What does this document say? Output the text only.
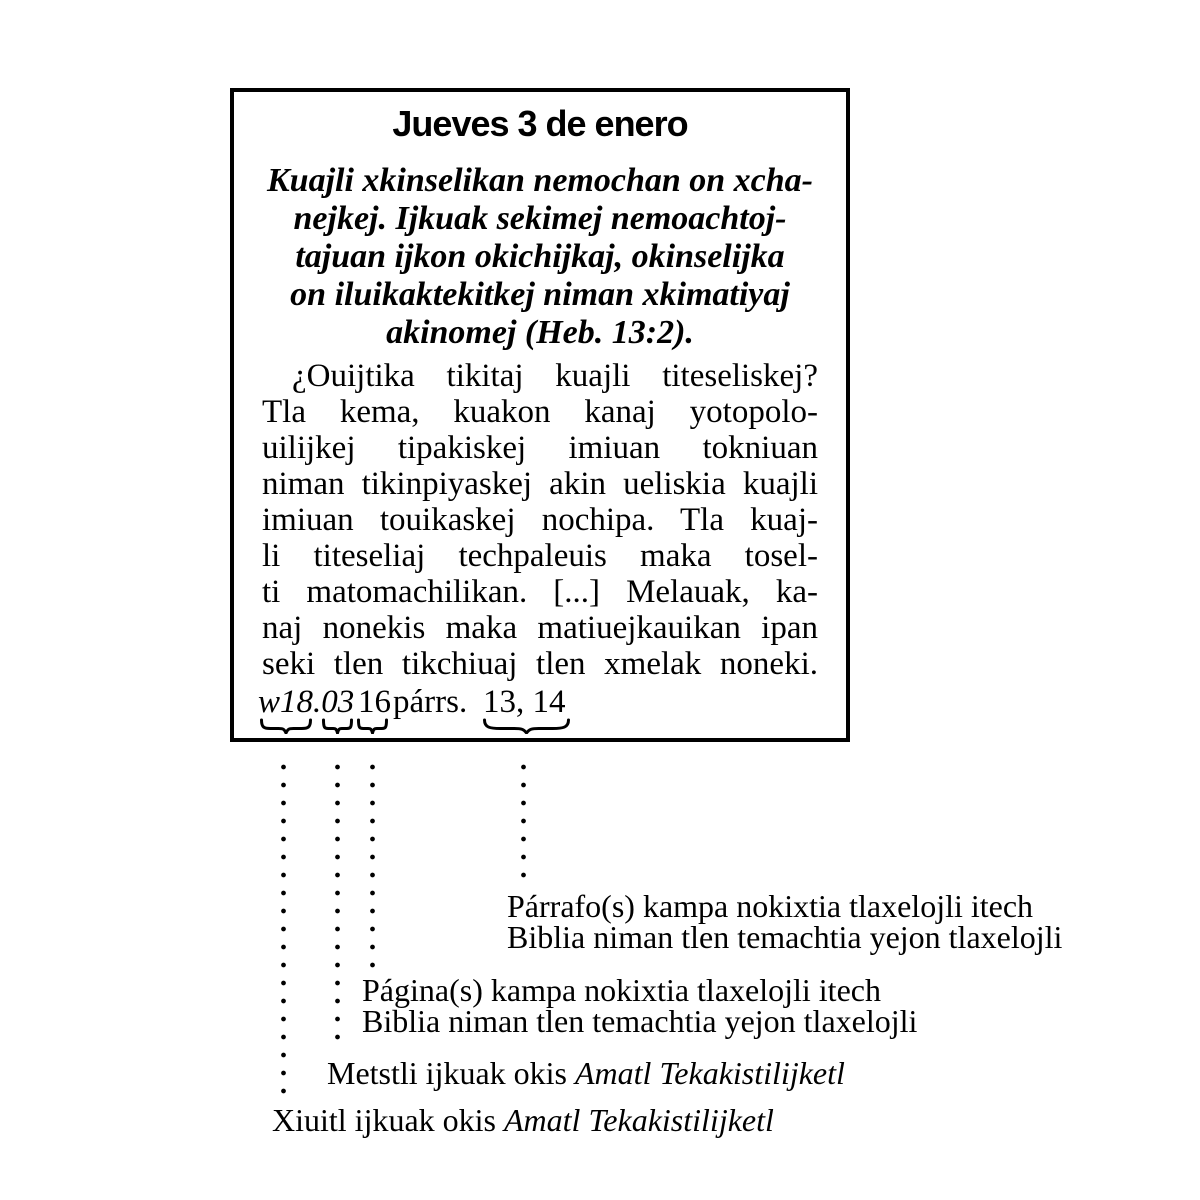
Jueves 3 de enero
Kuajli xkinselikan nemochan on xcha-
nejkej. Ijkuak sekimej nemoachtoj-
tajuan ijkon okichijkaj, okinselijka
on iluikaktekitkej niman xkimatiyaj
akinomej (Heb. 13:2).
¿Ouijtika tikitaj kuajli titeseliskej?
Tla kema, kuakon kanaj yotopolo-
uilijkej tipakiskej imiuan tokniuan
niman tikinpiyaskej akin ueliskia kuajli
imiuan touikaskej nochipa. Tla kuaj-
li titeseliaj techpaleuis maka tosel-
ti matomachilikan. [...] Melauak, ka-
naj nonekis maka matiuejkauikan ipan
seki tlen tikchiuaj tlen xmelak noneki.
w18.03 16 párrs. 13, 14
Párrafo(s) kampa nokixtia tlaxelojli itech
Biblia niman tlen temachtia yejon tlaxelojli
Página(s) kampa nokixtia tlaxelojli itech
Biblia niman tlen temachtia yejon tlaxelojli
Metstli ijkuak okis Amatl Tekakistilijketl
Xiuitl ijkuak okis Amatl Tekakistilijketl
